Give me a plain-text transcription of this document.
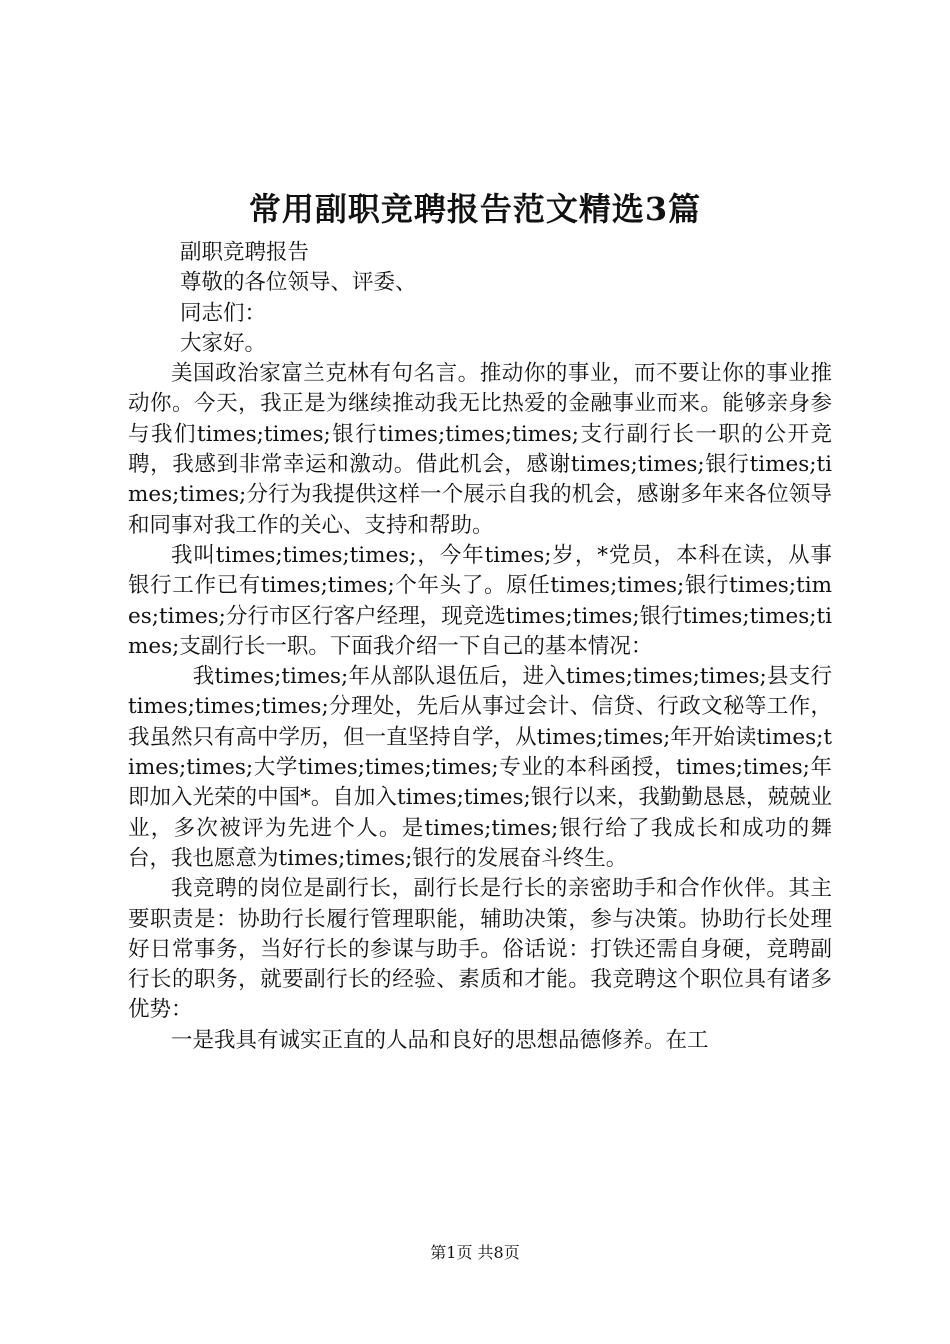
常用副职竞聘报告范文精选3篇

副职竞聘报告

尊敬的各位领导、评委、

同志们：

大家好。

美国政治家富兰克林有句名言。推动你的事业，而不要让你的事业推动你。今天，我正是为继续推动我无比热爱的金融事业而来。能够亲身参与我们times;times;银行times;times;times;支行副行长一职的公开竞聘，我感到非常幸运和激动。借此机会，感谢times;times;银行times;times;times;分行为我提供这样一个展示自我的机会，感谢多年来各位领导和同事对我工作的关心、支持和帮助。

我叫times;times;times;，今年times;岁，*党员，本科在读，从事银行工作已有times;times;个年头了。原任times;times;银行times;times;times;分行市区行客户经理，现竞选times;times;银行times;times;times;支副行长一职。下面我介绍一下自己的基本情况：

　我times;times;年从部队退伍后，进入times;times;times;县支行times;times;times;分理处，先后从事过会计、信贷、行政文秘等工作，我虽然只有高中学历，但一直坚持自学，从times;times;年开始读times;times;times;大学times;times;times;专业的本科函授，times;times;年即加入光荣的中国*。自加入times;times;银行以来，我勤勤恳恳，兢兢业业，多次被评为先进个人。是times;times;银行给了我成长和成功的舞台，我也愿意为times;times;银行的发展奋斗终生。

我竞聘的岗位是副行长，副行长是行长的亲密助手和合作伙伴。其主要职责是：协助行长履行管理职能，辅助决策，参与决策。协助行长处理好日常事务，当好行长的参谋与助手。俗话说：打铁还需自身硬，竞聘副行长的职务，就要副行长的经验、素质和才能。我竞聘这个职位具有诸多优势：

一是我具有诚实正直的人品和良好的思想品德修养。在工

第1页 共8页
